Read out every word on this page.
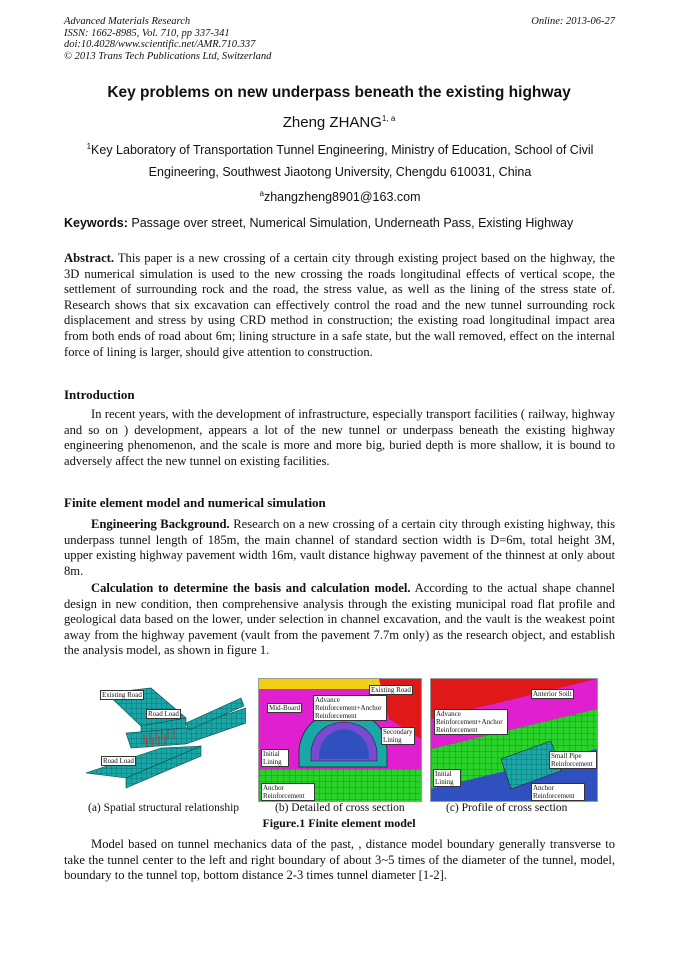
Advanced Materials Research
ISSN: 1662-8985, Vol. 710, pp 337-341
doi:10.4028/www.scientific.net/AMR.710.337
© 2013 Trans Tech Publications Ltd, Switzerland
Online: 2013-06-27
Key problems on new underpass beneath the existing highway
Zheng ZHANG$^{1, a}$
$^1$Key Laboratory of Transportation Tunnel Engineering, Ministry of Education, School of Civil
Engineering, Southwest Jiaotong University, Chengdu 610031, China
$^a$zhangzheng8901@163.com
Keywords: Passage over street, Numerical Simulation, Underneath Pass, Existing Highway
Abstract. This paper is a new crossing of a certain city through existing project based on the highway, the 3D numerical simulation is used to the new crossing the roads longitudinal effects of vertical scope, the settlement of surrounding rock and the road, the stress value, as well as the lining of the stress state of. Research shows that six excavation can effectively control the road and the new tunnel surrounding rock displacement and stress by using CRD method in construction; the existing road longitudinal impact area from both ends of road about 6m; lining structure in a safe state, but the wall removed, effect on the internal force of lining is larger, should give attention to construction.
Introduction
In recent years, with the development of infrastructure, especially transport facilities ( railway, highway and so on ) development, appears a lot of the new tunnel or underpass beneath the existing highway engineering phenomenon, and the scale is more and more big, buried depth is more shallow, it is bound to adversely affect the new tunnel on existing facilities.
Finite element model and numerical simulation
Engineering Background. Research on a new crossing of a certain city through existing highway, this underpass tunnel length of 185m, the main channel of standard section width is D=6m, total height 3M, upper existing highway pavement width 16m, vault distance highway pavement of the thinnest at only about 8m.
Calculation to determine the basis and calculation model. According to the actual shape channel design in new condition, then comprehensive analysis through the existing municipal road flat profile and geological data based on the lower, under selection in channel excavation, and the vault is the weakest point away from the highway pavement (vault from the pavement 7.7m only) as the research object, and establish the analysis model, as shown in figure 1.
Existing Road
Road Load
Road Load
Existing Road
Mid-Board
Advance Reinforcement+Anchor Reinforcement
Secondary Lining
Initial Lining
Anchor Reinforcement
Anterior Soilt
Advance Reinforcement+Anchor Reinforcement
Small Pipe Reinforcement
Initial Lining
Anchor Reinforcement
(a) Spatial structural relationship	(b) Detailed of cross section	(c) Profile of cross section
Figure.1 Finite element model
Model based on tunnel mechanics data of the past, , distance model boundary generally transverse to take the tunnel center to the left and right boundary of about 3~5 times of the diameter of the tunnel, model, boundary to the tunnel top, bottom distance 2-3 times tunnel diameter [1-2].
